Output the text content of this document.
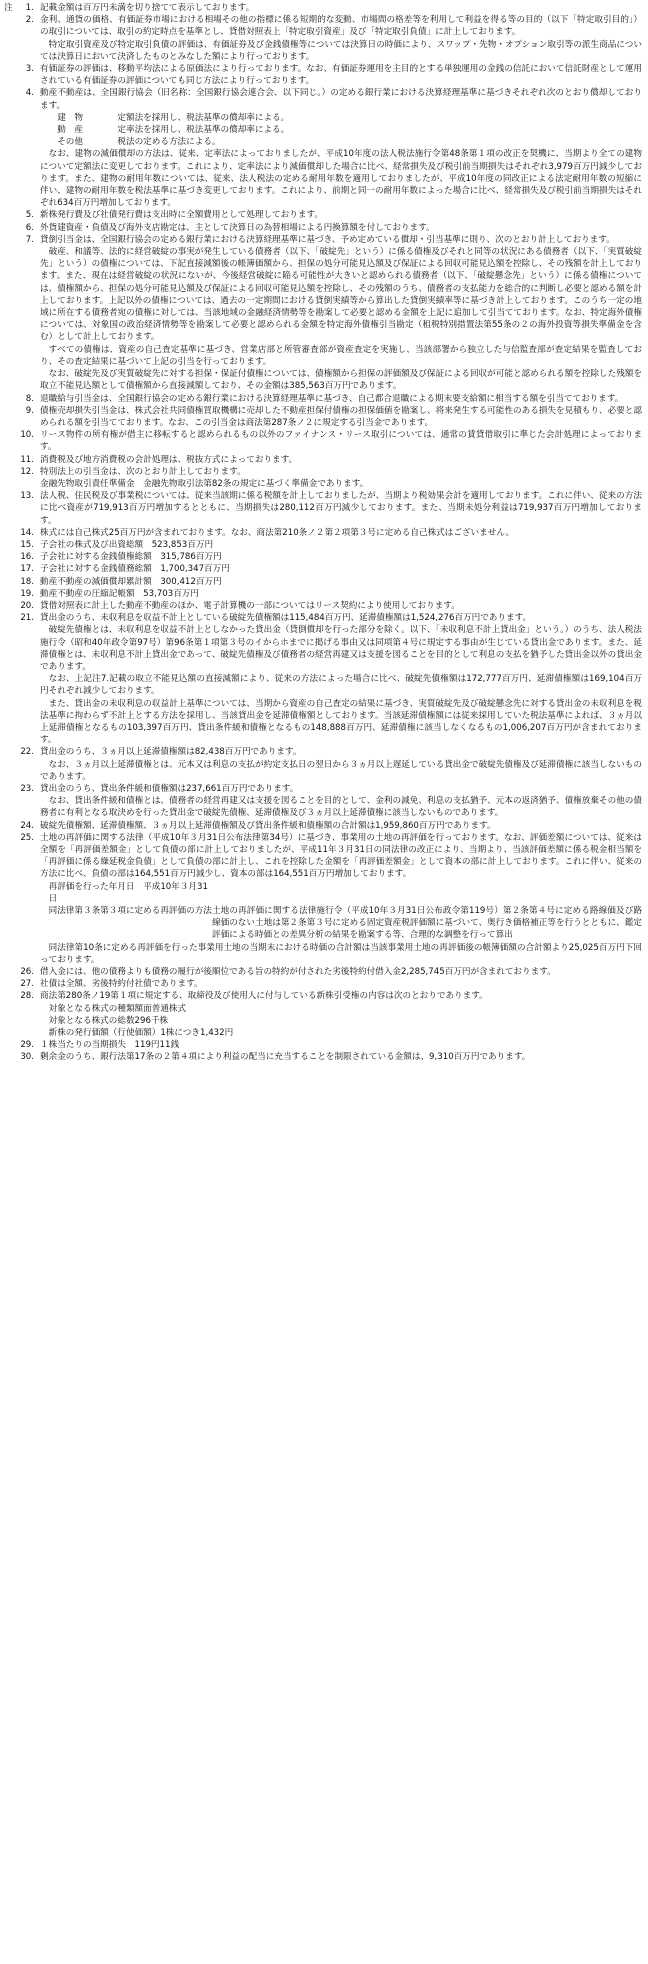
注	1. 記載金額は百万円未満を切り捨てて表示しております。

2. 金利、通貨の価格、有価証券市場における相場その他の指標に係る短期的な変動、市場間の格差等を利用して利益を得る等の目的（以下「特定取引目的」）の取引については、取引の約定時点を基準とし、貸借対照表上「特定取引資産」及び「特定取引負債」に計上しております。

特定取引資産及び特定取引負債の評価は、有価証券及び金銭債権等については決算日の時価により、スワップ・先物・オプション取引等の派生商品については決算日において決済したものとみなした額により行っております。

3. 有価証券の評価は、移動平均法による原価法により行っております。なお、有価証券運用を主目的とする単独運用の金銭の信託において信託財産として運用されている有価証券の評価についても同じ方法により行っております。

4. 動産不動産は、全国銀行協会（旧名称：全国銀行協会連合会、以下同じ。）の定める銀行業における決算経理基準に基づきそれぞれ次のとおり償却しております。

建　物	定額法を採用し、税法基準の償却率による。
動　産	定率法を採用し、税法基準の償却率による。
その他	税法の定める方法による。

なお、建物の減価償却の方法は、従来、定率法によっておりましたが、平成10年度の法人税法施行令第48条第１項の改正を契機に、当期より全ての建物について定額法に変更しております。これにより、定率法により減価償却した場合に比べ、経常損失及び税引前当期損失はそれぞれ3,979百万円減少しております。また、建物の耐用年数については、従来、法人税法の定める耐用年数を適用しておりましたが、平成10年度の同改正による法定耐用年数の短縮に伴い、建物の耐用年数を税法基準に基づき変更しております。これにより、前期と同一の耐用年数によった場合に比べ、経常損失及び税引前当期損失はそれぞれ634百万円増加しております。

5. 新株発行費及び社債発行費は支出時に全額費用として処理しております。

6. 外貨建資産・負債及び海外支店勘定は、主として決算日の為替相場による円換算額を付しております。

7. 貸倒引当金は、全国銀行協会の定める銀行業における決算経理基準に基づき、予め定めている償却・引当基準に則り、次のとおり計上しております。

破産、和議等、法的に経営破綻の事実が発生している債務者（以下、「破綻先」という）に係る債権及びそれと同等の状況にある債務者（以下、「実質破綻先」という）の債権については、下記直接減額後の帳簿価額から、担保の処分可能見込額及び保証による回収可能見込額を控除し、その残額を計上しております。また、現在は経営破綻の状況にないが、今後経営破綻に陥る可能性が大きいと認められる債務者（以下、「破綻懸念先」という）に係る債権については、債権額から、担保の処分可能見込額及び保証による回収可能見込額を控除し、その残額のうち、債務者の支払能力を総合的に判断し必要と認める額を計上しております。上記以外の債権については、過去の一定期間における貸倒実績等から算出した貸倒実績率等に基づき計上しております。このうち一定の地域に所在する債務者宛の債権に対しては、当該地域の金融経済情勢等を勘案して必要と認める金額を上記に追加して引当てております。なお、特定海外債権については、対象国の政治経済情勢等を勘案して必要と認められる金額を特定海外債権引当勘定（租税特別措置法第55条の２の海外投資等損失準備金を含む）として計上しております。

すべての債権は、資産の自己査定基準に基づき、営業店部と所管審査部が資産査定を実施し、当該部署から独立した与信監査部が査定結果を監査しており、その査定結果に基づいて上記の引当を行っております。

なお、破綻先及び実質破綻先に対する担保・保証付債権については、債権額から担保の評価額及び保証による回収が可能と認められる額を控除した残額を取立不能見込額として債権額から直接減額しており、その金額は385,563百万円であります。

8. 退職給与引当金は、全国銀行協会の定める銀行業における決算経理基準に基づき、自己都合退職による期末要支給額に相当する額を引当てております。

9. 債権売却損失引当金は、株式会社共同債権買取機構に売却した不動産担保付債権の担保価値を勘案し、将来発生する可能性のある損失を見積もり、必要と認められる額を引当てております。なお、この引当金は商法第287条ノ２に規定する引当金であります。

10. リース物件の所有権が借主に移転すると認められるもの以外のファイナンス・リース取引については、通常の賃貸借取引に準じた会計処理によっております。

11. 消費税及び地方消費税の会計処理は、税抜方式によっております。

12. 特別法上の引当金は、次のとおり計上しております。

金融先物取引責任準備金　金融先物取引法第82条の規定に基づく準備金であります。

13. 法人税、住民税及び事業税については、従来当該期に係る税額を計上しておりましたが、当期より税効果会計を適用しております。これに伴い、従来の方法に比べ資産が719,913百万円増加するとともに、当期損失は280,112百万円減少しております。また、当期未処分利益は719,937百万円増加しております。

14. 株式には自己株式25百万円が含まれております。なお、商法第210条ノ２第２項第３号に定める自己株式はございません。

15. 子会社の株式及び出資総額　523,853百万円

16. 子会社に対する金銭債権総額　315,786百万円

17. 子会社に対する金銭債務総額　1,700,347百万円

18. 動産不動産の減価償却累計額　300,412百万円

19. 動産不動産の圧縮記帳額　53,703百万円

20. 貸借対照表に計上した動産不動産のほか、電子計算機の一部についてはリース契約により使用しております。

21. 貸出金のうち、未収利息を収益不計上としている破綻先債権額は115,484百万円、延滞債権額は1,524,276百万円であります。

破綻先債権とは、未収利息を収益不計上としなかった貸出金（貸倒償却を行った部分を除く。以下、「未収利息不計上貸出金」という。）のうち、法人税法施行令（昭和40年政令第97号）第96条第１項第３号のイからホまでに掲げる事由又は同項第４号に規定する事由が生じている貸出金であります。また、延滞債権とは、未収利息不計上貸出金であって、破綻先債権及び債務者の経営再建又は支援を図ることを目的として利息の支払を猶予した貸出金以外の貸出金であります。

なお、上記注7.記載の取立不能見込額の直接減額により、従来の方法によった場合に比べ、破綻先債権額は172,777百万円、延滞債権額は169,104百万円それぞれ減少しております。

また、貸出金の未収利息の収益計上基準については、当期から資産の自己査定の結果に基づき、実質破綻先及び破綻懸念先に対する貸出金の未収利息を税法基準に拘わらず不計上とする方法を採用し、当該貸出金を延滞債権額としております。当該延滞債権額には従来採用していた税法基準によれば、３ヵ月以上延滞債権となるもの103,397百万円、貸出条件緩和債権となるもの148,888百万円、延滞債権に該当しなくなるもの1,006,207百万円が含まれております。

22. 貸出金のうち、３ヵ月以上延滞債権額は82,438百万円であります。

なお、３ヵ月以上延滞債権とは、元本又は利息の支払が約定支払日の翌日から３ヵ月以上遅延している貸出金で破綻先債権及び延滞債権に該当しないものであります。

23. 貸出金のうち、貸出条件緩和債権額は237,661百万円であります。

なお、貸出条件緩和債権とは、債務者の経営再建又は支援を図ることを目的として、金利の減免、利息の支払猶予、元本の返済猶予、債権放棄その他の債務者に有利となる取決めを行った貸出金で破綻先債権、延滞債権及び３ヵ月以上延滞債権に該当しないものであります。

24. 破綻先債権額、延滞債権額、３ヵ月以上延滞債権額及び貸出条件緩和債権額の合計額は1,959,860百万円であります。

25. 土地の再評価に関する法律（平成10年３月31日公布法律第34号）に基づき、事業用の土地の再評価を行っております。なお、評価差額については、従来は全額を「再評価差額金」として負債の部に計上しておりましたが、平成11年３月31日の同法律の改正により、当期より、当該評価差額に係る税金相当額を「再評価に係る繰延税金負債」として負債の部に計上し、これを控除した金額を「再評価差額金」として資本の部に計上しております。これに伴い、従来の方法に比べ、負債の部は164,551百万円減少し、資本の部は164,551百万円増加しております。

再評価を行った年月日　平成10年３月31日
同法律第３条第３項に定める再評価の方法 土地の再評価に関する法律施行令（平成10年３月31日公布政令第119号）第２条第４号に定める路線価及び路線価のない土地は第２条第３号に定める固定資産税評価額に基づいて、奥行き価格補正等を行うとともに、鑑定評価による時価との差異分析の結果を勘案する等、合理的な調整を行って算出

同法律第10条に定める再評価を行った事業用土地の当期末における時価の合計額は当該事業用土地の再評価後の帳簿価額の合計額より25,025百万円下回っております。

26. 借入金には、他の債務よりも債務の履行が後順位である旨の特約が付された劣後特約付借入金2,285,745百万円が含まれております。

27. 社債は全額、劣後特約付社債であります。

28. 商法第280条ノ19第１項に規定する、取締役及び使用人に付与している新株引受権の内容は次のとおりであります。

対象となる株式の種類 額面普通株式
対象となる株式の総数 296千株
新株の発行価額（行使価額） 1株につき1,432円
29. １株当たりの当期損失　119円11銭

30. 剰余金のうち、銀行法第17条の２第４項により利益の配当に充当することを制限されている金額は、9,310百万円であります。
